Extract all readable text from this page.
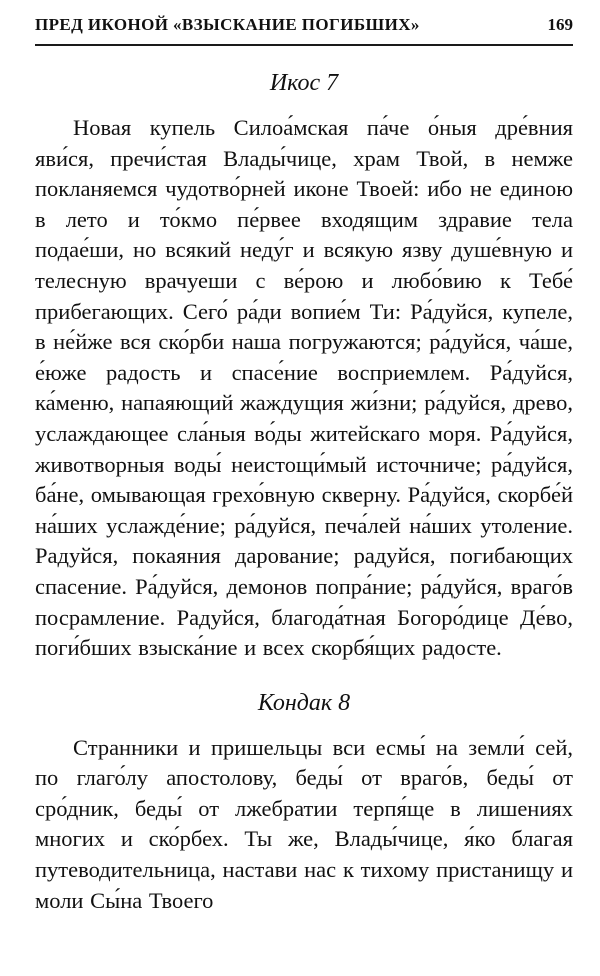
ПРЕД ИКОНОЙ «ВЗЫСКАНИЕ ПОГИБШИХ»	169
Икос 7

Новая купель Силоа́мская па́че о́ныя дре́вния яви́ся, пречи́стая Влады́чице, храм Твой, в немже покланяемся чудотво́рней иконе Твоей: ибо не единою в лето и то́кмо пе́рвее входящим здравие тела подае́ши, но всякий неду́г и всякую язву душе́вную и телесную врачуеши с ве́рою и любо́вию к Тебе́ прибегающих. Сего́ ра́ди вопие́м Ти: Ра́дуйся, купеле, в не́йже вся ско́рби наша погружаются; ра́дуйся, ча́ше, е́юже радость и спасе́ние восприемлем. Ра́дуйся, ка́меню, напаяющий жаждущия жи́зни; ра́дуйся, древо, услаждающее сла́ныя во́ды житейскаго моря. Ра́дуйся, животворныя воды́ неистощи́мый источниче; ра́дуйся, ба́не, омывающая грехо́вную скверну. Ра́дуйся, скорбе́й на́ших услажде́ние; ра́дуйся, печа́лей на́ших утоление. Радуйся, покаяния дарование; радуйся, погибающих спасение. Ра́дуйся, демонов попра́ние; ра́дуйся, враго́в посрамление. Радуйся, благода́тная Богоро́дице Де́во, поги́бших взыска́ние и всех скорбя́щих радосте.

Кондак 8

Странники и пришельцы вси есмы́ на земли́ сей, по глаго́лу апостолову, беды́ от враго́в, беды́ от сро́дник, беды́ от лжебратии терпя́ще в лишениях многих и ско́рбех. Ты же, Влады́чице, я́ко благая путеводительница, настави нас к тихому пристанищу и моли Сы́на Твоего
